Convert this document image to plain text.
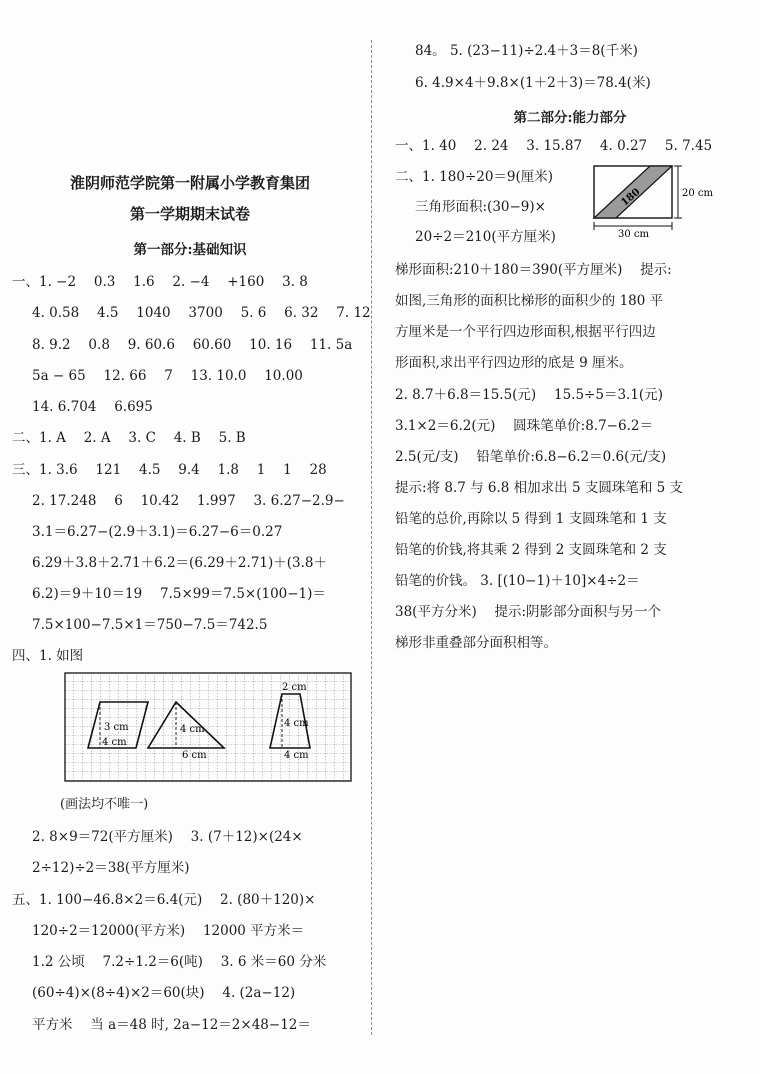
淮阴师范学院第一附属小学教育集团
第一学期期末试卷
第一部分:基础知识
一、1. −2　 0.3　 1.6　 2. −4　 +160　 3. 8
4. 0.58　 4.5　 1040　 3700　 5. 6　 6. 32　 7. 12
8. 9.2　 0.8　 9. 60.6　 60.60　 10. 16　 11. 5a
5a − 65　 12. 66　 7　 13. 10.0　 10.00
14. 6.704　 6.695
二、1. A　 2. A　 3. C　 4. B　 5. B
三、1. 3.6　 121　 4.5　 9.4　 1.8　 1　 1　 28
2. 17.248　 6　 10.42　 1.997　 3. 6.27−2.9−
3.1＝6.27−(2.9＋3.1)＝6.27−6＝0.27
6.29＋3.8＋2.71＋6.2＝(6.29＋2.71)＋(3.8＋
6.2)＝9＋10＝19　 7.5×99＝7.5×(100−1)＝
7.5×100−7.5×1＝750−7.5＝742.5
四、1. 如图
3 cm
4 cm
4 cm
6 cm
2 cm
4 cm
4 cm
(画法均不唯一)
2. 8×9＝72(平方厘米)　 3. (7＋12)×(24×
2÷12)÷2＝38(平方厘米)
五、1. 100−46.8×2＝6.4(元)　 2. (80＋120)×
120÷2＝12000(平方米)　 12000 平方米＝
1.2 公顷　 7.2÷1.2＝6(吨)　 3. 6 米＝60 分米
(60÷4)×(8÷4)×2＝60(块)　 4. (2a−12)
平方米　 当 a＝48 时, 2a−12＝2×48−12＝
84。 5. (23−11)÷2.4＋3＝8(千米)
6. 4.9×4＋9.8×(1＋2＋3)＝78.4(米)
第二部分:能力部分
一、1. 40　 2. 24　 3. 15.87　 4. 0.27　 5. 7.45
二、1. 180÷20＝9(厘米)
三角形面积:(30−9)×
20÷2＝210(平方厘米)
180	20 cm
30 cm
梯形面积:210＋180＝390(平方厘米)　 提示:
如图,三角形的面积比梯形的面积少的 180 平
方厘米是一个平行四边形面积,根据平行四边
形面积,求出平行四边形的底是 9 厘米。
2. 8.7＋6.8＝15.5(元)　 15.5÷5＝3.1(元)
3.1×2＝6.2(元)　 圆珠笔单价:8.7−6.2＝
2.5(元/支)　 铅笔单价:6.8−6.2＝0.6(元/支)
提示:将 8.7 与 6.8 相加求出 5 支圆珠笔和 5 支
铅笔的总价,再除以 5 得到 1 支圆珠笔和 1 支
铅笔的价钱,将其乘 2 得到 2 支圆珠笔和 2 支
铅笔的价钱。 3. [(10−1)＋10]×4÷2＝
38(平方分米)　 提示:阴影部分面积与另一个
梯形非重叠部分面积相等。
